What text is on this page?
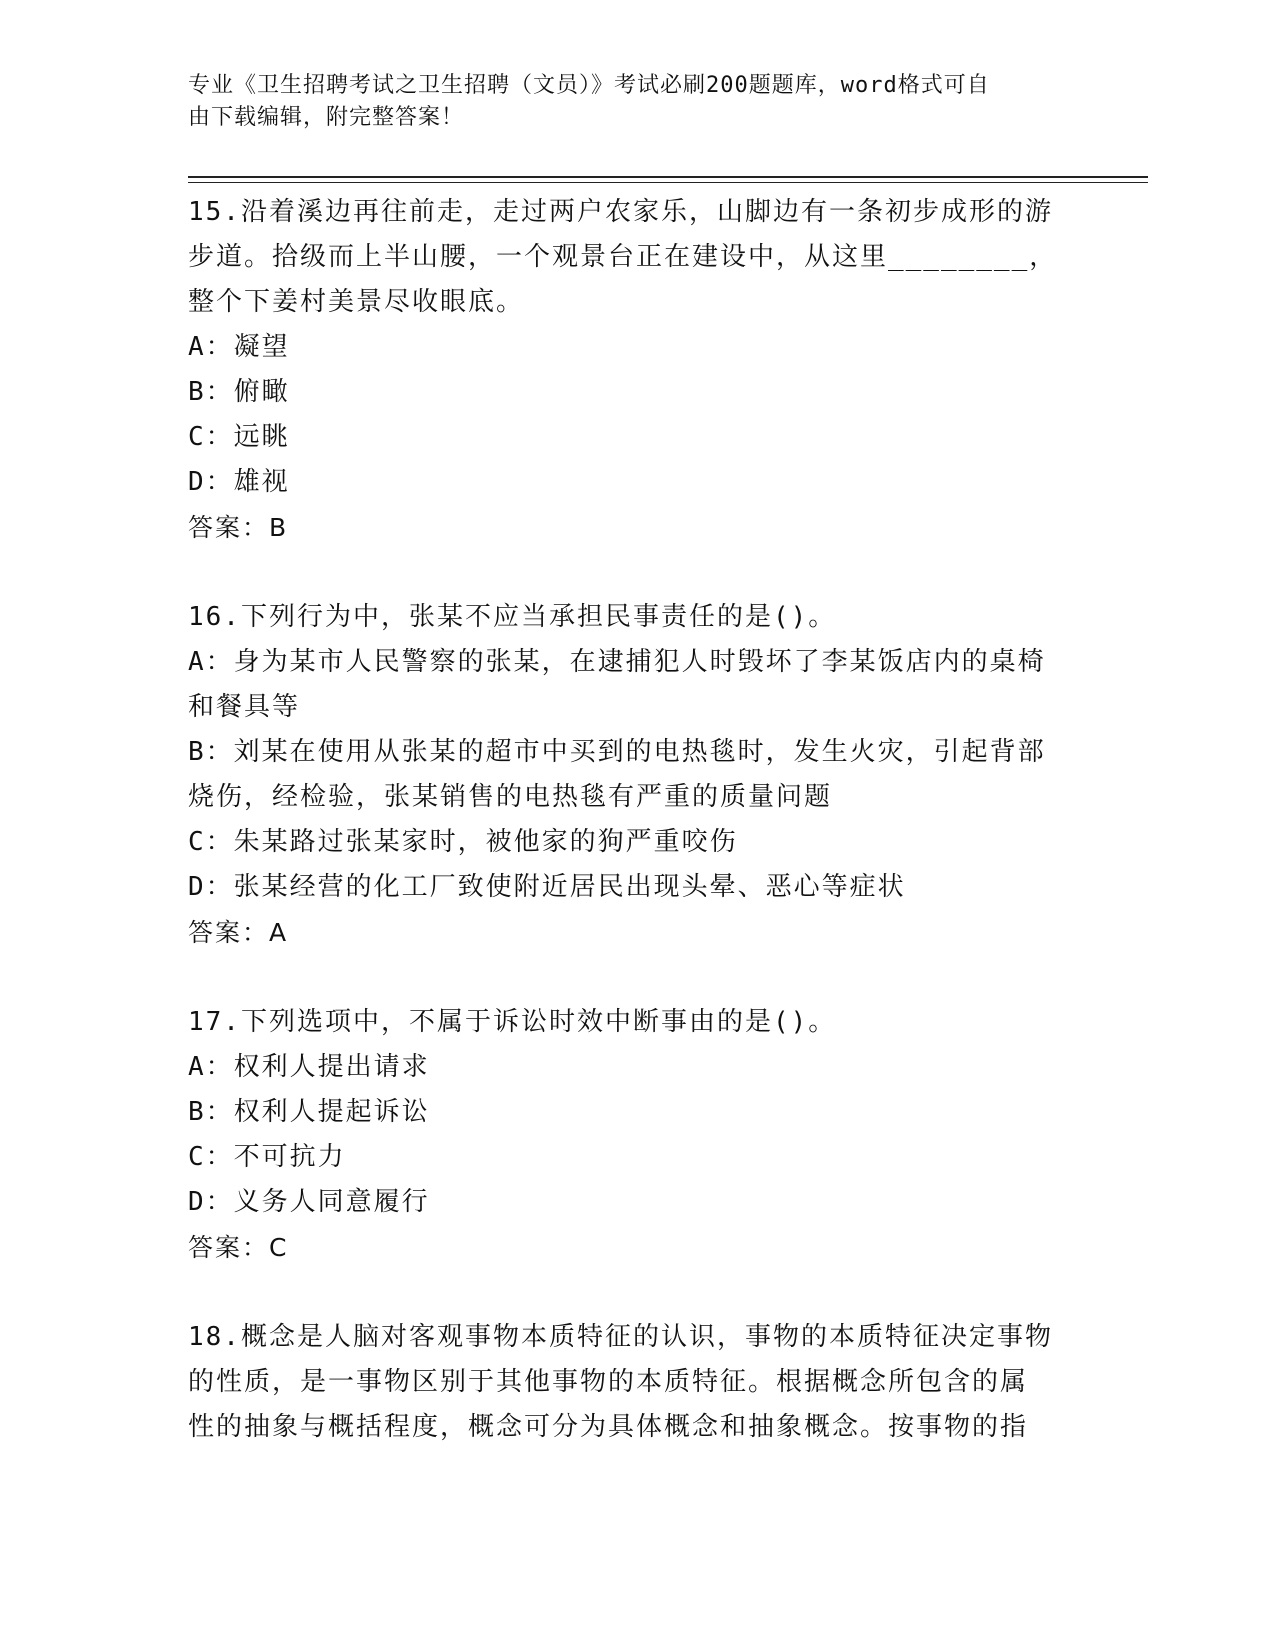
专业《卫生招聘考试之卫生招聘（文员）》考试必刷200题题库，word格式可自
由下载编辑，附完整答案！
15.沿着溪边再往前走，走过两户农家乐，山脚边有一条初步成形的游
步道。拾级而上半山腰，一个观景台正在建设中，从这里________，
整个下姜村美景尽收眼底。
A：凝望
B：俯瞰
C：远眺
D：雄视
答案：B
16.下列行为中，张某不应当承担民事责任的是()。
A：身为某市人民警察的张某，在逮捕犯人时毁坏了李某饭店内的桌椅
和餐具等
B：刘某在使用从张某的超市中买到的电热毯时，发生火灾，引起背部
烧伤，经检验，张某销售的电热毯有严重的质量问题
C：朱某路过张某家时，被他家的狗严重咬伤
D：张某经营的化工厂致使附近居民出现头晕、恶心等症状
答案：A
17.下列选项中，不属于诉讼时效中断事由的是()。
A：权利人提出请求
B：权利人提起诉讼
C：不可抗力
D：义务人同意履行
答案：C
18.概念是人脑对客观事物本质特征的认识，事物的本质特征决定事物
的性质，是一事物区别于其他事物的本质特征。根据概念所包含的属
性的抽象与概括程度，概念可分为具体概念和抽象概念。按事物的指
